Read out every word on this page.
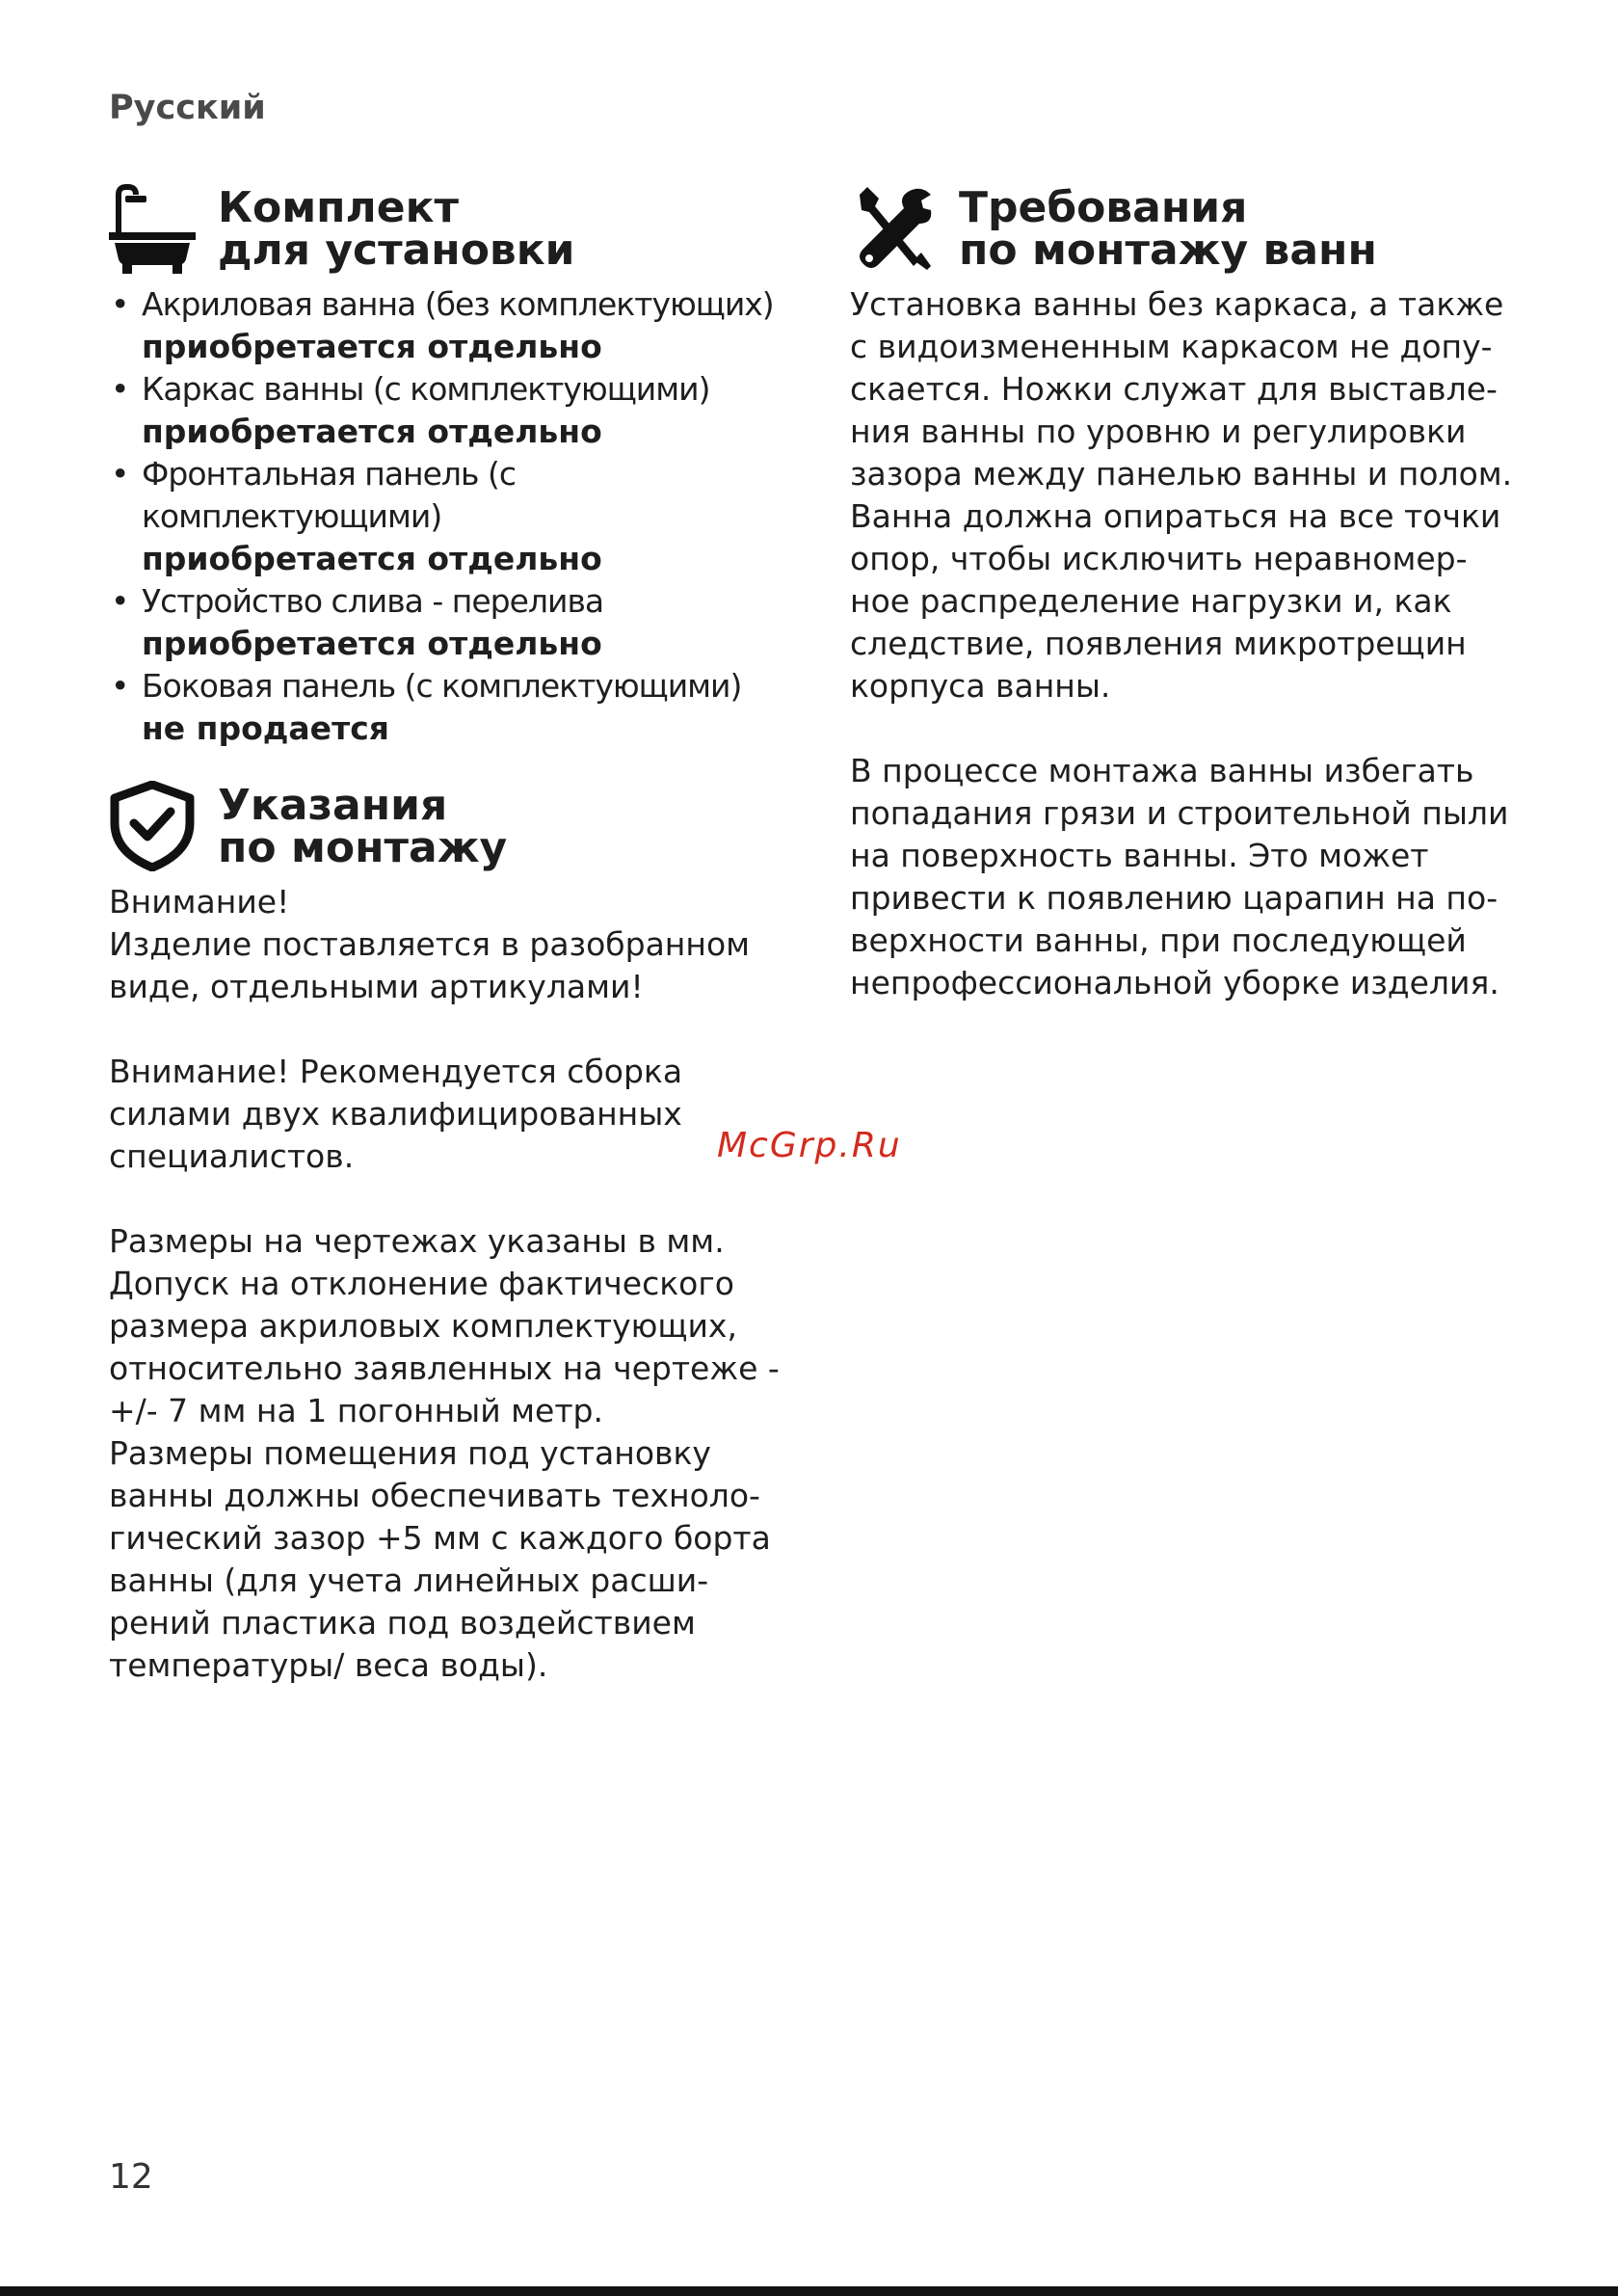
Русский
Комплект
для установки
• Акриловая ванна (без комплектующих)
приобретается отдельно
• Каркас ванны (с комплектующими)
приобретается отдельно
• Фронтальная панель (с комплектующими)
приобретается отдельно
• Устройство слива - перелива
приобретается отдельно
• Боковая панель (с комплектующими)
не продается
Указания
по монтажу

Внимание!
Изделие поставляется в разобранном
виде, отдельными артикулами!

Внимание! Рекомендуется сборка
силами двух квалифицированных
специалистов.

Размеры на чертежах указаны в мм.
Допуск на отклонение фактического
размера акриловых комплектующих,
относительно заявленных на чертеже -
+/- 7 мм на 1 погонный метр.
Размеры помещения под установку
ванны должны обеспечивать техноло-
гический зазор +5 мм с каждого борта
ванны (для учета линейных расши-
рений пластика под воздействием
температуры/ веса воды).

Требования
по монтажу ванн

Установка ванны без каркаса, а также
с видоизмененным каркасом не допу-
скается. Ножки служат для выставле-
ния ванны по уровню и регулировки
зазора между панелью ванны и полом.
Ванна должна опираться на все точки
опор, чтобы исключить неравномер-
ное распределение нагрузки и, как
следствие, появления микротрещин
корпуса ванны.

В процессе монтажа ванны избегать
попадания грязи и строительной пыли
на поверхность ванны. Это может
привести к появлению царапин на по-
верхности ванны, при последующей
непрофессиональной уборке изделия.

McGrp.Ru
12
